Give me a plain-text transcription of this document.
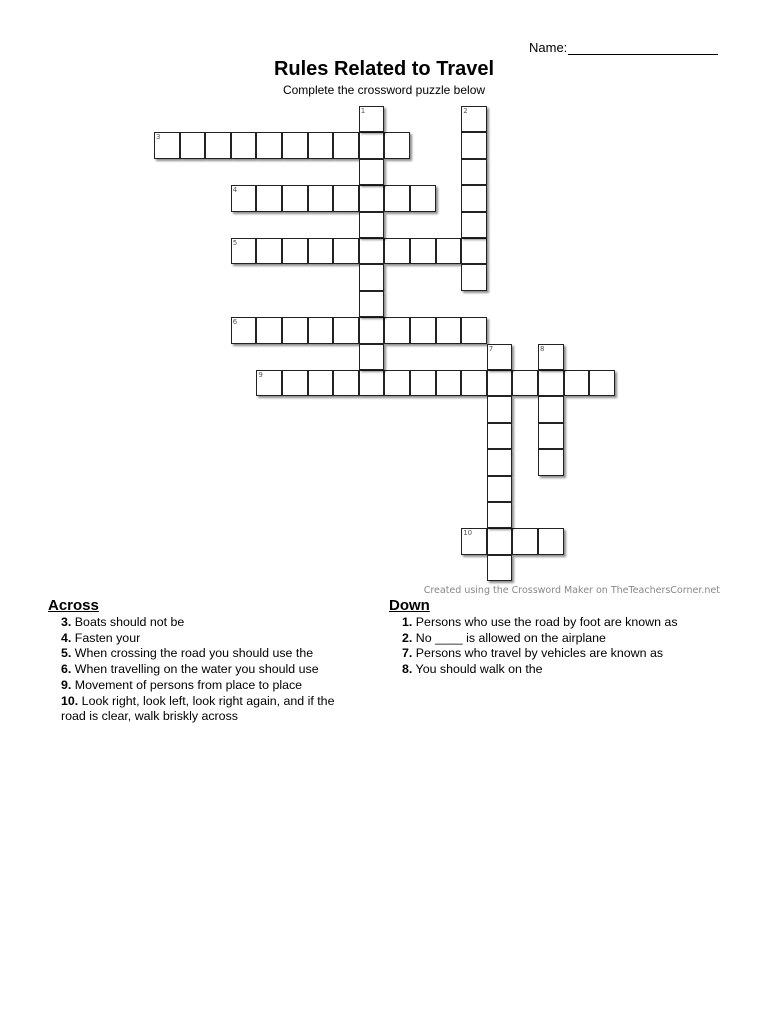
Name:
Rules Related to Travel
Complete the crossword puzzle below
3
4
5
6
9
10
1	2
7	8
Created using the Crossword Maker on TheTeachersCorner.net
Across
3. Boats should not be
4. Fasten your
5. When crossing the road you should use the
6. When travelling on the water you should use
9. Movement of persons from place to place
10. Look right, look left, look right again, and if the road is clear, walk briskly across
Down
1. Persons who use the road by foot are known as
2. No ____ is allowed on the airplane
7. Persons who travel by vehicles are known as
8. You should walk on the
